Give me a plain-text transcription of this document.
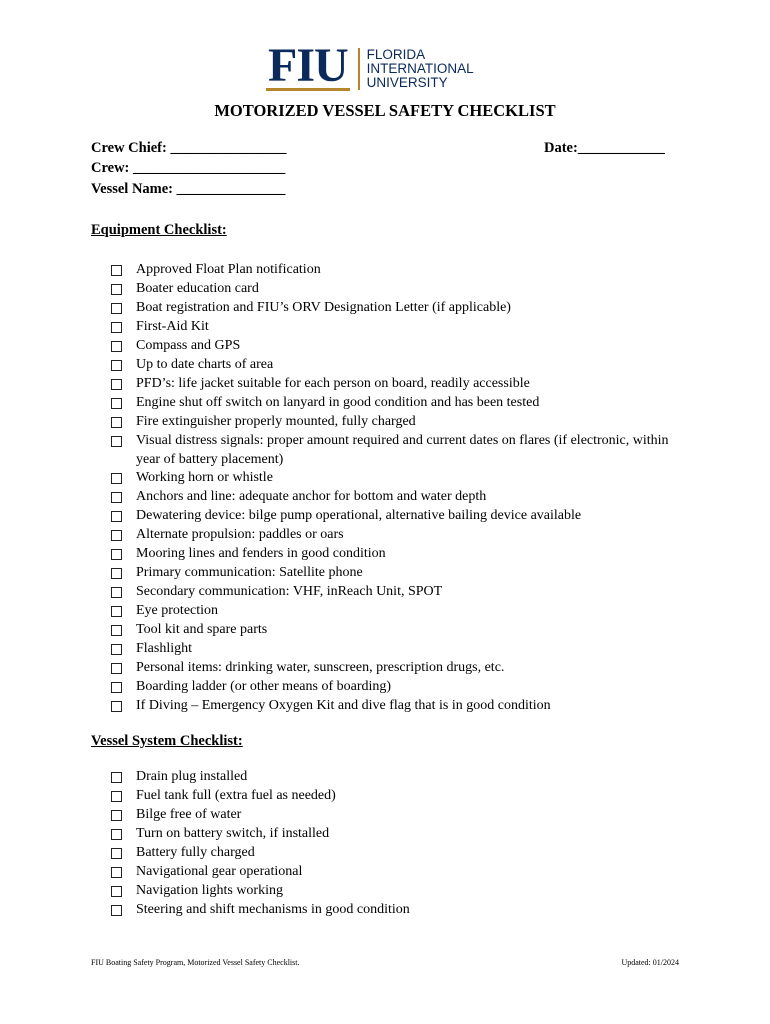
FIU FLORIDA
INTERNATIONAL
UNIVERSITY
MOTORIZED VESSEL SAFETY CHECKLIST
Crew Chief: ________________	Date:____________
Crew: _____________________
Vessel Name: _______________
Equipment Checklist:
Approved Float Plan notification
Boater education card
Boat registration and FIU’s ORV Designation Letter (if applicable)
First-Aid Kit
Compass and GPS
Up to date charts of area
PFD’s: life jacket suitable for each person on board, readily accessible
Engine shut off switch on lanyard in good condition and has been tested
Fire extinguisher properly mounted, fully charged
Visual distress signals: proper amount required and current dates on flares (if electronic, within year of battery placement)
Working horn or whistle
Anchors and line: adequate anchor for bottom and water depth
Dewatering device: bilge pump operational, alternative bailing device available
Alternate propulsion: paddles or oars
Mooring lines and fenders in good condition
Primary communication: Satellite phone
Secondary communication: VHF, inReach Unit, SPOT
Eye protection
Tool kit and spare parts
Flashlight
Personal items: drinking water, sunscreen, prescription drugs, etc.
Boarding ladder (or other means of boarding)
If Diving – Emergency Oxygen Kit and dive flag that is in good condition
Vessel System Checklist:
Drain plug installed
Fuel tank full (extra fuel as needed)
Bilge free of water
Turn on battery switch, if installed
Battery fully charged
Navigational gear operational
Navigation lights working
Steering and shift mechanisms in good condition
FIU Boating Safety Program, Motorized Vessel Safety Checklist.	Updated: 01/2024
